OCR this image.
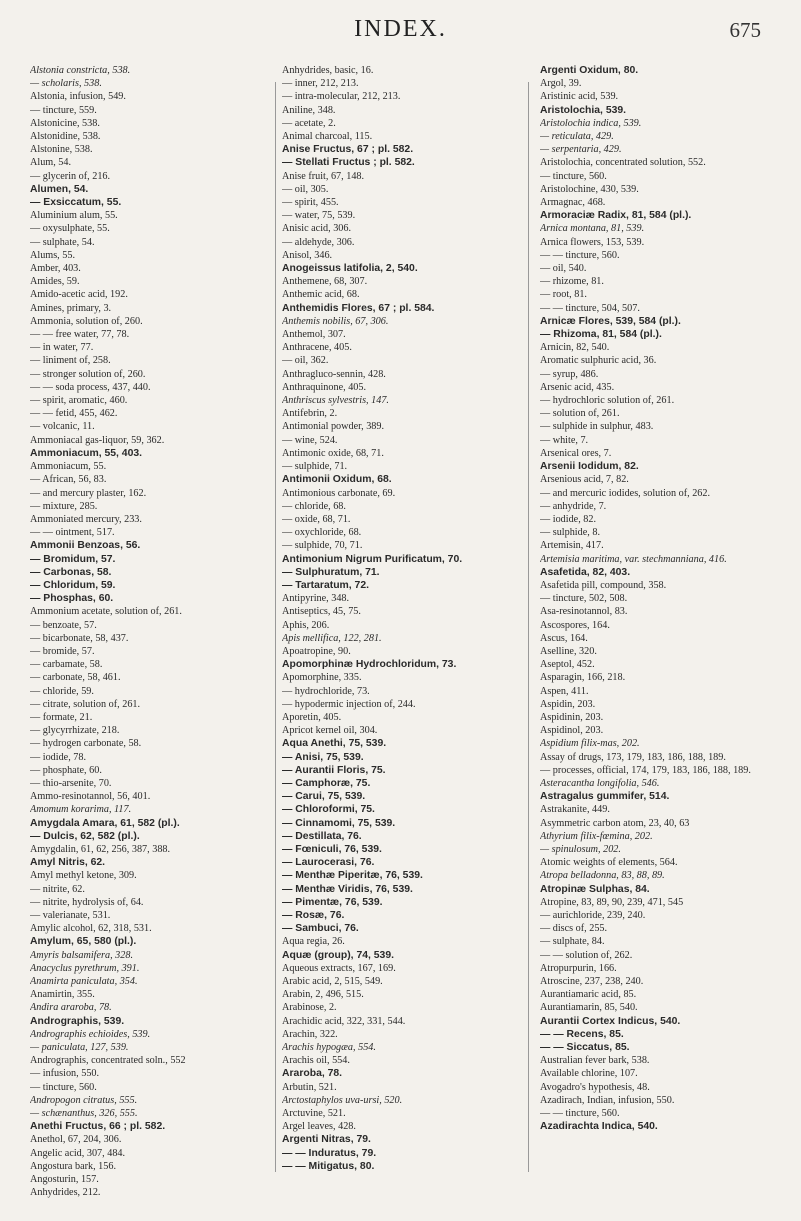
INDEX.	675
Alstonia constricta, 538.
— scholaris, 538.
Alstonia, infusion, 549.
— tincture, 559.
Alstonicine, 538.
Alstonidine, 538.
Alstonine, 538.
Alum, 54.
— glycerin of, 216.
Alumen, 54.
— Exsiccatum, 55.
Aluminium alum, 55.
— oxysulphate, 55.
— sulphate, 54.
Alums, 55.
Amber, 403.
Amides, 59.
Amido-acetic acid, 192.
Amines, primary, 3.
Ammonia, solution of, 260.
— — free water, 77, 78.
— in water, 77.
— liniment of, 258.
— stronger solution of, 260.
— — soda process, 437, 440.
— spirit, aromatic, 460.
— — fetid, 455, 462.
— volcanic, 11.
Ammoniacal gas-liquor, 59, 362.
Ammoniacum, 55, 403.
Ammoniacum, 55.
— African, 56, 83.
— and mercury plaster, 162.
— mixture, 285.
Ammoniated mercury, 233.
— — ointment, 517.
Ammonii Benzoas, 56.
— Bromidum, 57.
— Carbonas, 58.
— Chloridum, 59.
— Phosphas, 60.
Ammonium acetate, solution of, 261.
— benzoate, 57.
— bicarbonate, 58, 437.
— bromide, 57.
— carbamate, 58.
— carbonate, 58, 461.
— chloride, 59.
— citrate, solution of, 261.
— formate, 21.
— glycyrrhizate, 218.
— hydrogen carbonate, 58.
— iodide, 78.
— phosphate, 60.
— thio-arsenite, 70.
Ammo-resinotannol, 56, 401.
Amomum korarima, 117.
Amygdala Amara, 61, 582 (pl.).
— Dulcis, 62, 582 (pl.).
Amygdalin, 61, 62, 256, 387, 388.
Amyl Nitris, 62.
Amyl methyl ketone, 309.
— nitrite, 62.
— nitrite, hydrolysis of, 64.
— valerianate, 531.
Amylic alcohol, 62, 318, 531.
Amylum, 65, 580 (pl.).
Amyris balsamifera, 328.
Anacyclus pyrethrum, 391.
Anamirta paniculata, 354.
Anamirtin, 355.
Andira araroba, 78.
Andrographis, 539.
Andrographis echioides, 539.
— paniculata, 127, 539.
Andrographis, concentrated soln., 552
— infusion, 550.
— tincture, 560.
Andropogon citratus, 555.
— schænanthus, 326, 555.
Anethi Fructus, 66 ; pl. 582.
Anethol, 67, 204, 306.
Angelic acid, 307, 484.
Angostura bark, 156.
Angosturin, 157.
Anhydrides, 212.
Anhydrides, basic, 16.
— inner, 212, 213.
— intra-molecular, 212, 213.
Aniline, 348.
— acetate, 2.
Animal charcoal, 115.
Anise Fructus, 67 ; pl. 582.
— Stellati Fructus ; pl. 582.
Anise fruit, 67, 148.
— oil, 305.
— spirit, 455.
— water, 75, 539.
Anisic acid, 306.
— aldehyde, 306.
Anisol, 346.
Anogeissus latifolia, 2, 540.
Anthemene, 68, 307.
Anthemic acid, 68.
Anthemidis Flores, 67 ; pl. 584.
Anthemis nobilis, 67, 306.
Anthemol, 307.
Anthracene, 405.
— oil, 362.
Anthragluco-sennin, 428.
Anthraquinone, 405.
Anthriscus sylvestris, 147.
Antifebrin, 2.
Antimonial powder, 389.
— wine, 524.
Antimonic oxide, 68, 71.
— sulphide, 71.
Antimonii Oxidum, 68.
Antimonious carbonate, 69.
— chloride, 68.
— oxide, 68, 71.
— oxychloride, 68.
— sulphide, 70, 71.
Antimonium Nigrum Purificatum, 70.
— Sulphuratum, 71.
— Tartaratum, 72.
Antipyrine, 348.
Antiseptics, 45, 75.
Aphis, 206.
Apis mellifica, 122, 281.
Apoatropine, 90.
Apomorphinæ Hydrochloridum, 73.
Apomorphine, 335.
— hydrochloride, 73.
— hypodermic injection of, 244.
Aporetin, 405.
Apricot kernel oil, 304.
Aqua Anethi, 75, 539.
— Anisi, 75, 539.
— Aurantii Floris, 75.
— Camphoræ, 75.
— Carui, 75, 539.
— Chloroformi, 75.
— Cinnamomi, 75, 539.
— Destillata, 76.
— Fœniculi, 76, 539.
— Laurocerasi, 76.
— Menthæ Piperitæ, 76, 539.
— Menthæ Viridis, 76, 539.
— Pimentæ, 76, 539.
— Rosæ, 76.
— Sambuci, 76.
Aqua regia, 26.
Aquæ (group), 74, 539.
Aqueous extracts, 167, 169.
Arabic acid, 2, 515, 549.
Arabin, 2, 496, 515.
Arabinose, 2.
Arachidic acid, 322, 331, 544.
Arachin, 322.
Arachis hypogæa, 554.
Arachis oil, 554.
Araroba, 78.
Arbutin, 521.
Arctostaphylos uva-ursi, 520.
Arctuvine, 521.
Argel leaves, 428.
Argenti Nitras, 79.
— — Induratus, 79.
— — Mitigatus, 80.
Argenti Oxidum, 80.
Argol, 39.
Aristinic acid, 539.
Aristolochia, 539.
Aristolochia indica, 539.
— reticulata, 429.
— serpentaria, 429.
Aristolochia, concentrated solution, 552.
— tincture, 560.
Aristolochine, 430, 539.
Armagnac, 468.
Armoraciæ Radix, 81, 584 (pl.).
Arnica montana, 81, 539.
Arnica flowers, 153, 539.
— — tincture, 560.
— oil, 540.
— rhizome, 81.
— root, 81.
— — tincture, 504, 507.
Arnicæ Flores, 539, 584 (pl.).
— Rhizoma, 81, 584 (pl.).
Arnicin, 82, 540.
Aromatic sulphuric acid, 36.
— syrup, 486.
Arsenic acid, 435.
— hydrochloric solution of, 261.
— solution of, 261.
— sulphide in sulphur, 483.
— white, 7.
Arsenical ores, 7.
Arsenii Iodidum, 82.
Arsenious acid, 7, 82.
— and mercuric iodides, solution of, 262.
— anhydride, 7.
— iodide, 82.
— sulphide, 8.
Artemisin, 417.
Artemisia maritima, var. stechmanniana, 416.
Asafetida, 82, 403.
Asafetida pill, compound, 358.
— tincture, 502, 508.
Asa-resinotannol, 83.
Ascospores, 164.
Ascus, 164.
Aselline, 320.
Aseptol, 452.
Asparagin, 166, 218.
Aspen, 411.
Aspidin, 203.
Aspidinin, 203.
Aspidinol, 203.
Aspidium filix-mas, 202.
Assay of drugs, 173, 179, 183, 186, 188, 189.
— processes, official, 174, 179, 183, 186, 188, 189.
Asteracantha longifolia, 546.
Astragalus gummifer, 514.
Astrakanite, 449.
Asymmetric carbon atom, 23, 40, 63
Athyrium filix-fœmina, 202.
— spinulosum, 202.
Atomic weights of elements, 564.
Atropa belladonna, 83, 88, 89.
Atropinæ Sulphas, 84.
Atropine, 83, 89, 90, 239, 471, 545
— aurichloride, 239, 240.
— discs of, 255.
— sulphate, 84.
— — solution of, 262.
Atropurpurin, 166.
Atroscine, 237, 238, 240.
Aurantiamaric acid, 85.
Aurantiamarin, 85, 540.
Aurantii Cortex Indicus, 540.
— — Recens, 85.
— — Siccatus, 85.
Australian fever bark, 538.
Available chlorine, 107.
Avogadro's hypothesis, 48.
Azadirach, Indian, infusion, 550.
— — tincture, 560.
Azadirachta Indica, 540.
